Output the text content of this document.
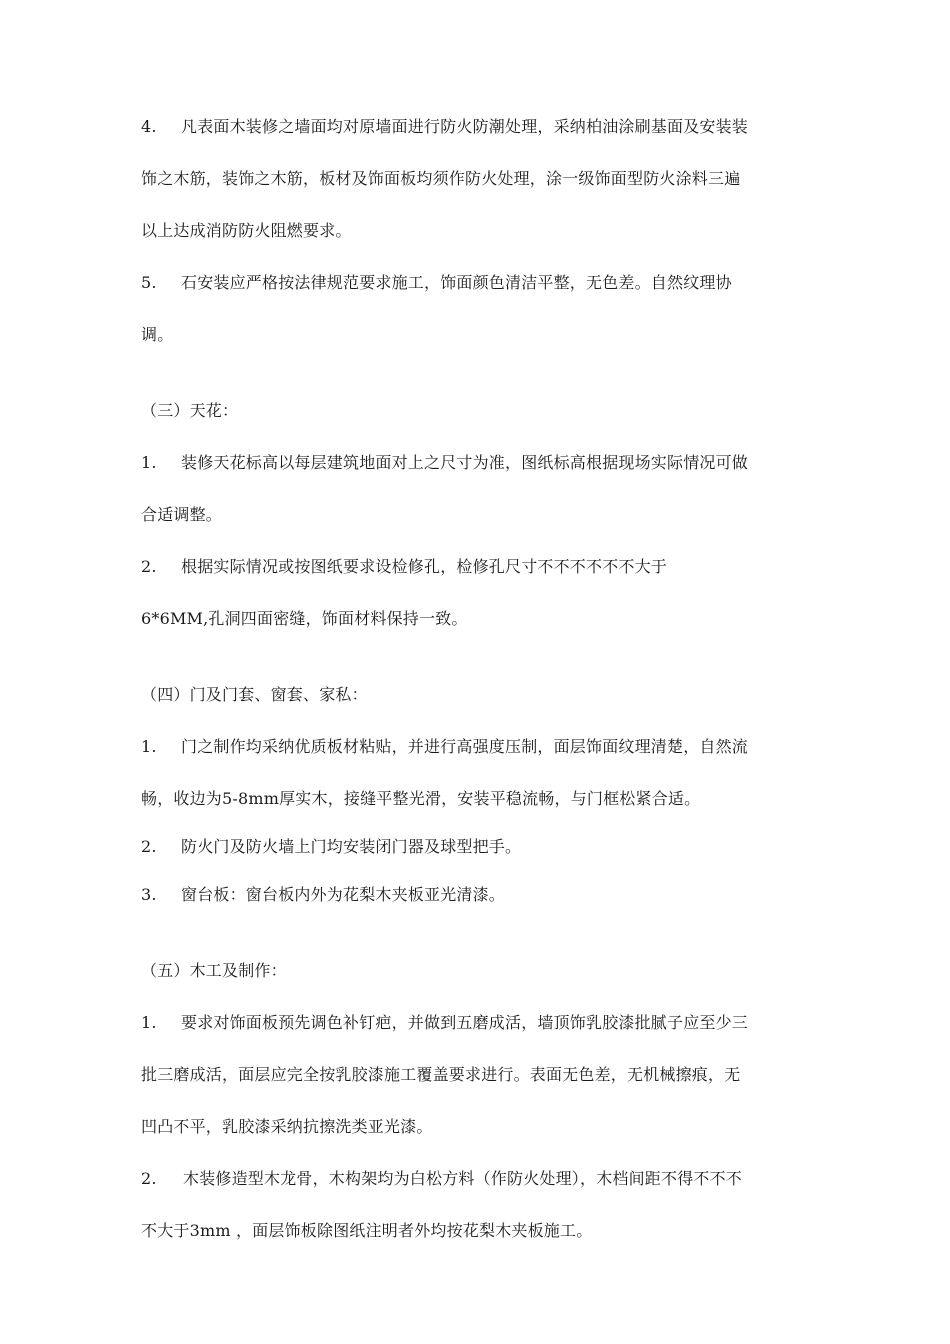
4. 凡表面木装修之墙面均对原墙面进行防火防潮处理，采纳柏油涂刷基面及安装装
饰之木筋，装饰之木筋，板材及饰面板均须作防火处理，涂一级饰面型防火涂料三遍
以上达成消防防火阻燃要求。
5. 石安装应严格按法律规范要求施工，饰面颜色清洁平整，无色差。自然纹理协
调。
（三）天花：
1. 装修天花标高以每层建筑地面对上之尺寸为准，图纸标高根据现场实际情况可做
合适调整。
2. 根据实际情况或按图纸要求设检修孔，检修孔尺寸不不不不不不大于
6*6MM,孔洞四面密缝，饰面材料保持一致。
（四）门及门套、窗套、家私：
1. 门之制作均采纳优质板材粘贴，并进行高强度压制，面层饰面纹理清楚，自然流
畅，收边为5-8mm厚实木，接缝平整光滑，安装平稳流畅，与门框松紧合适。
2. 防火门及防火墙上门均安装闭门器及球型把手。
3. 窗台板：窗台板内外为花梨木夹板亚光清漆。
（五）木工及制作：
1. 要求对饰面板预先调色补钉疤，并做到五磨成活，墙顶饰乳胶漆批腻子应至少三
批三磨成活，面层应完全按乳胶漆施工覆盖要求进行。表面无色差，无机械擦痕，无
凹凸不平，乳胶漆采纳抗擦洗类亚光漆。
2. 木装修造型木龙骨，木构架均为白松方料（作防火处理），木档间距不得不不不
不大于3mm ，面层饰板除图纸注明者外均按花梨木夹板施工。
